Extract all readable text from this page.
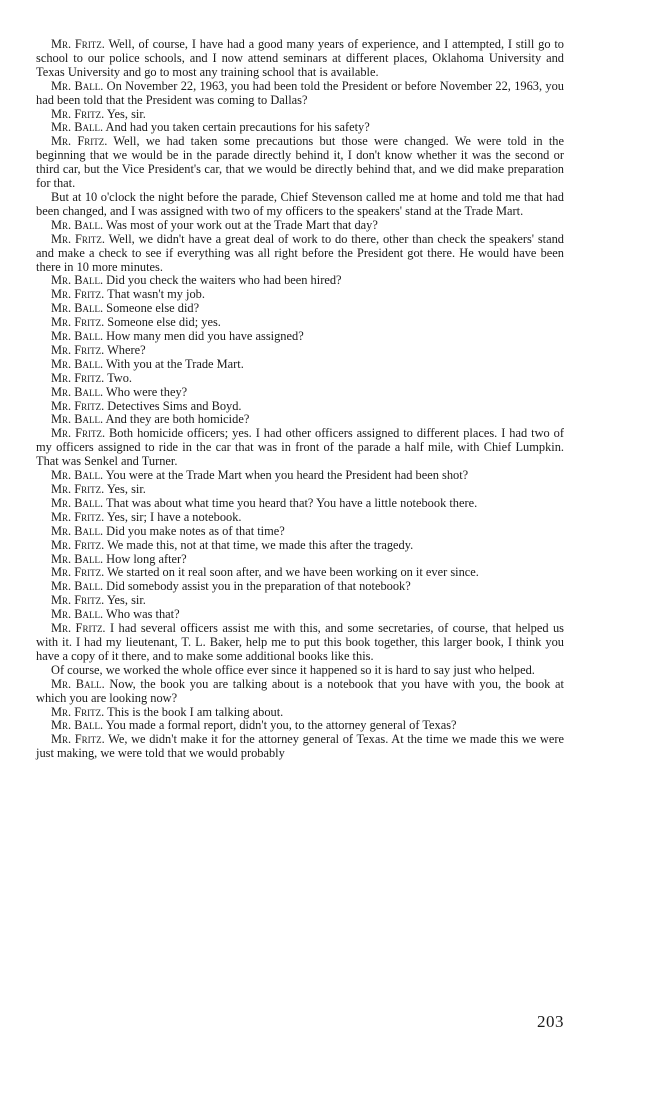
Mr. Fritz. Well, of course, I have had a good many years of experience, and I attempted, I still go to school to our police schools, and I now attend seminars at different places, Oklahoma University and Texas University and go to most any training school that is available.

Mr. Ball. On November 22, 1963, you had been told the President or before November 22, 1963, you had been told that the President was coming to Dallas?

Mr. Fritz. Yes, sir.

Mr. Ball. And had you taken certain precautions for his safety?

Mr. Fritz. Well, we had taken some precautions but those were changed. We were told in the beginning that we would be in the parade directly behind it, I don't know whether it was the second or third car, but the Vice President's car, that we would be directly behind that, and we did make preparation for that.

But at 10 o'clock the night before the parade, Chief Stevenson called me at home and told me that had been changed, and I was assigned with two of my officers to the speakers' stand at the Trade Mart.

Mr. Ball. Was most of your work out at the Trade Mart that day?

Mr. Fritz. Well, we didn't have a great deal of work to do there, other than check the speakers' stand and make a check to see if everything was all right before the President got there. He would have been there in 10 more minutes.

Mr. Ball. Did you check the waiters who had been hired?

Mr. Fritz. That wasn't my job.

Mr. Ball. Someone else did?

Mr. Fritz. Someone else did; yes.

Mr. Ball. How many men did you have assigned?

Mr. Fritz. Where?

Mr. Ball. With you at the Trade Mart.

Mr. Fritz. Two.

Mr. Ball. Who were they?

Mr. Fritz. Detectives Sims and Boyd.

Mr. Ball. And they are both homicide?

Mr. Fritz. Both homicide officers; yes. I had other officers assigned to different places. I had two of my officers assigned to ride in the car that was in front of the parade a half mile, with Chief Lumpkin. That was Senkel and Turner.

Mr. Ball. You were at the Trade Mart when you heard the President had been shot?

Mr. Fritz. Yes, sir.

Mr. Ball. That was about what time you heard that? You have a little notebook there.

Mr. Fritz. Yes, sir; I have a notebook.

Mr. Ball. Did you make notes as of that time?

Mr. Fritz. We made this, not at that time, we made this after the tragedy.

Mr. Ball. How long after?

Mr. Fritz. We started on it real soon after, and we have been working on it ever since.

Mr. Ball. Did somebody assist you in the preparation of that notebook?

Mr. Fritz. Yes, sir.

Mr. Ball. Who was that?

Mr. Fritz. I had several officers assist me with this, and some secretaries, of course, that helped us with it. I had my lieutenant, T. L. Baker, help me to put this book together, this larger book, I think you have a copy of it there, and to make some additional books like this.

Of course, we worked the whole office ever since it happened so it is hard to say just who helped.

Mr. Ball. Now, the book you are talking about is a notebook that you have with you, the book at which you are looking now?

Mr. Fritz. This is the book I am talking about.

Mr. Ball. You made a formal report, didn't you, to the attorney general of Texas?

Mr. Fritz. We, we didn't make it for the attorney general of Texas. At the time we made this we were just making, we were told that we would probably

203
